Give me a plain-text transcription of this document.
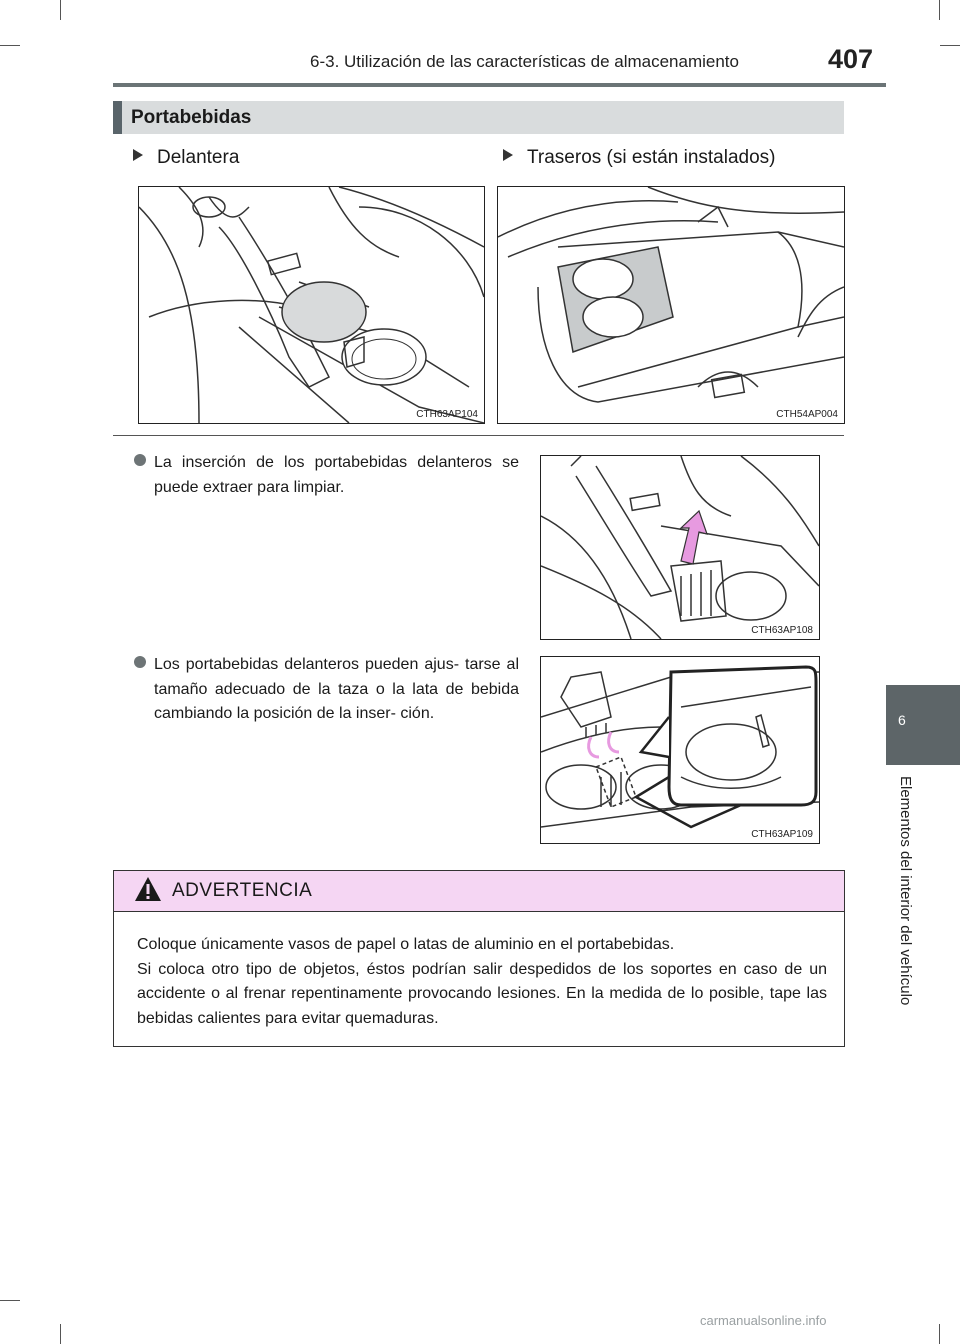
6-3. Utilización de las características de almacenamiento	407
Portabebidas
Delantera	Traseros (si están instalados)
CTH63AP104	CTH54AP004
La inserción de los portabebidas delanteros se puede extraer para limpiar.
CTH63AP108
Los portabebidas delanteros pueden ajus- tarse al tamaño adecuado de la taza o la lata de bebida cambiando la posición de la inser- ción.
CTH63AP109
6
Elementos del interior del vehículo
ADVERTENCIA
Coloque únicamente vasos de papel o latas de aluminio en el portabebidas.
Si coloca otro tipo de objetos, éstos podrían salir despedidos de los soportes en caso de un accidente o al frenar repentinamente provocando lesiones. En la medida de lo posible, tape las bebidas calientes para evitar quemaduras.
carmanualsonline.info
